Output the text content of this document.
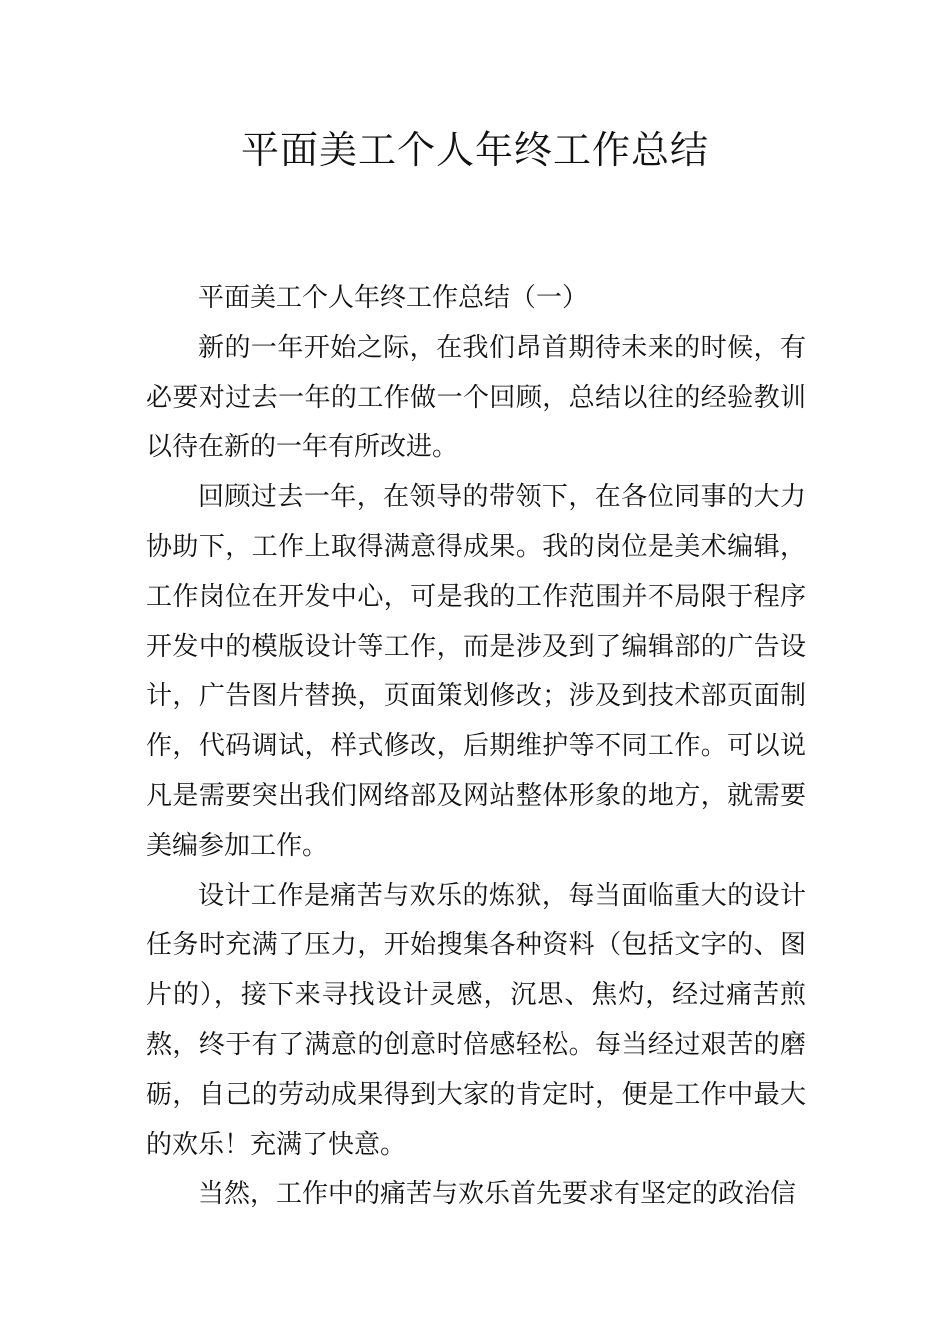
平面美工个人年终工作总结

平面美工个人年终工作总结（一）

新的一年开始之际，在我们昂首期待未来的时候，有必要对过去一年的工作做一个回顾，总结以往的经验教训以待在新的一年有所改进。

回顾过去一年，在领导的带领下，在各位同事的大力协助下，工作上取得满意得成果。我的岗位是美术编辑，工作岗位在开发中心，可是我的工作范围并不局限于程序开发中的模版设计等工作，而是涉及到了编辑部的广告设计，广告图片替换，页面策划修改；涉及到技术部页面制作，代码调试，样式修改，后期维护等不同工作。可以说凡是需要突出我们网络部及网站整体形象的地方，就需要美编参加工作。

设计工作是痛苦与欢乐的炼狱，每当面临重大的设计任务时充满了压力，开始搜集各种资料（包括文字的、图片的），接下来寻找设计灵感，沉思、焦灼，经过痛苦煎熬，终于有了满意的创意时倍感轻松。每当经过艰苦的磨砺，自己的劳动成果得到大家的肯定时，便是工作中最大的欢乐！充满了快意。

当然，工作中的痛苦与欢乐首先要求有坚定的政治信
